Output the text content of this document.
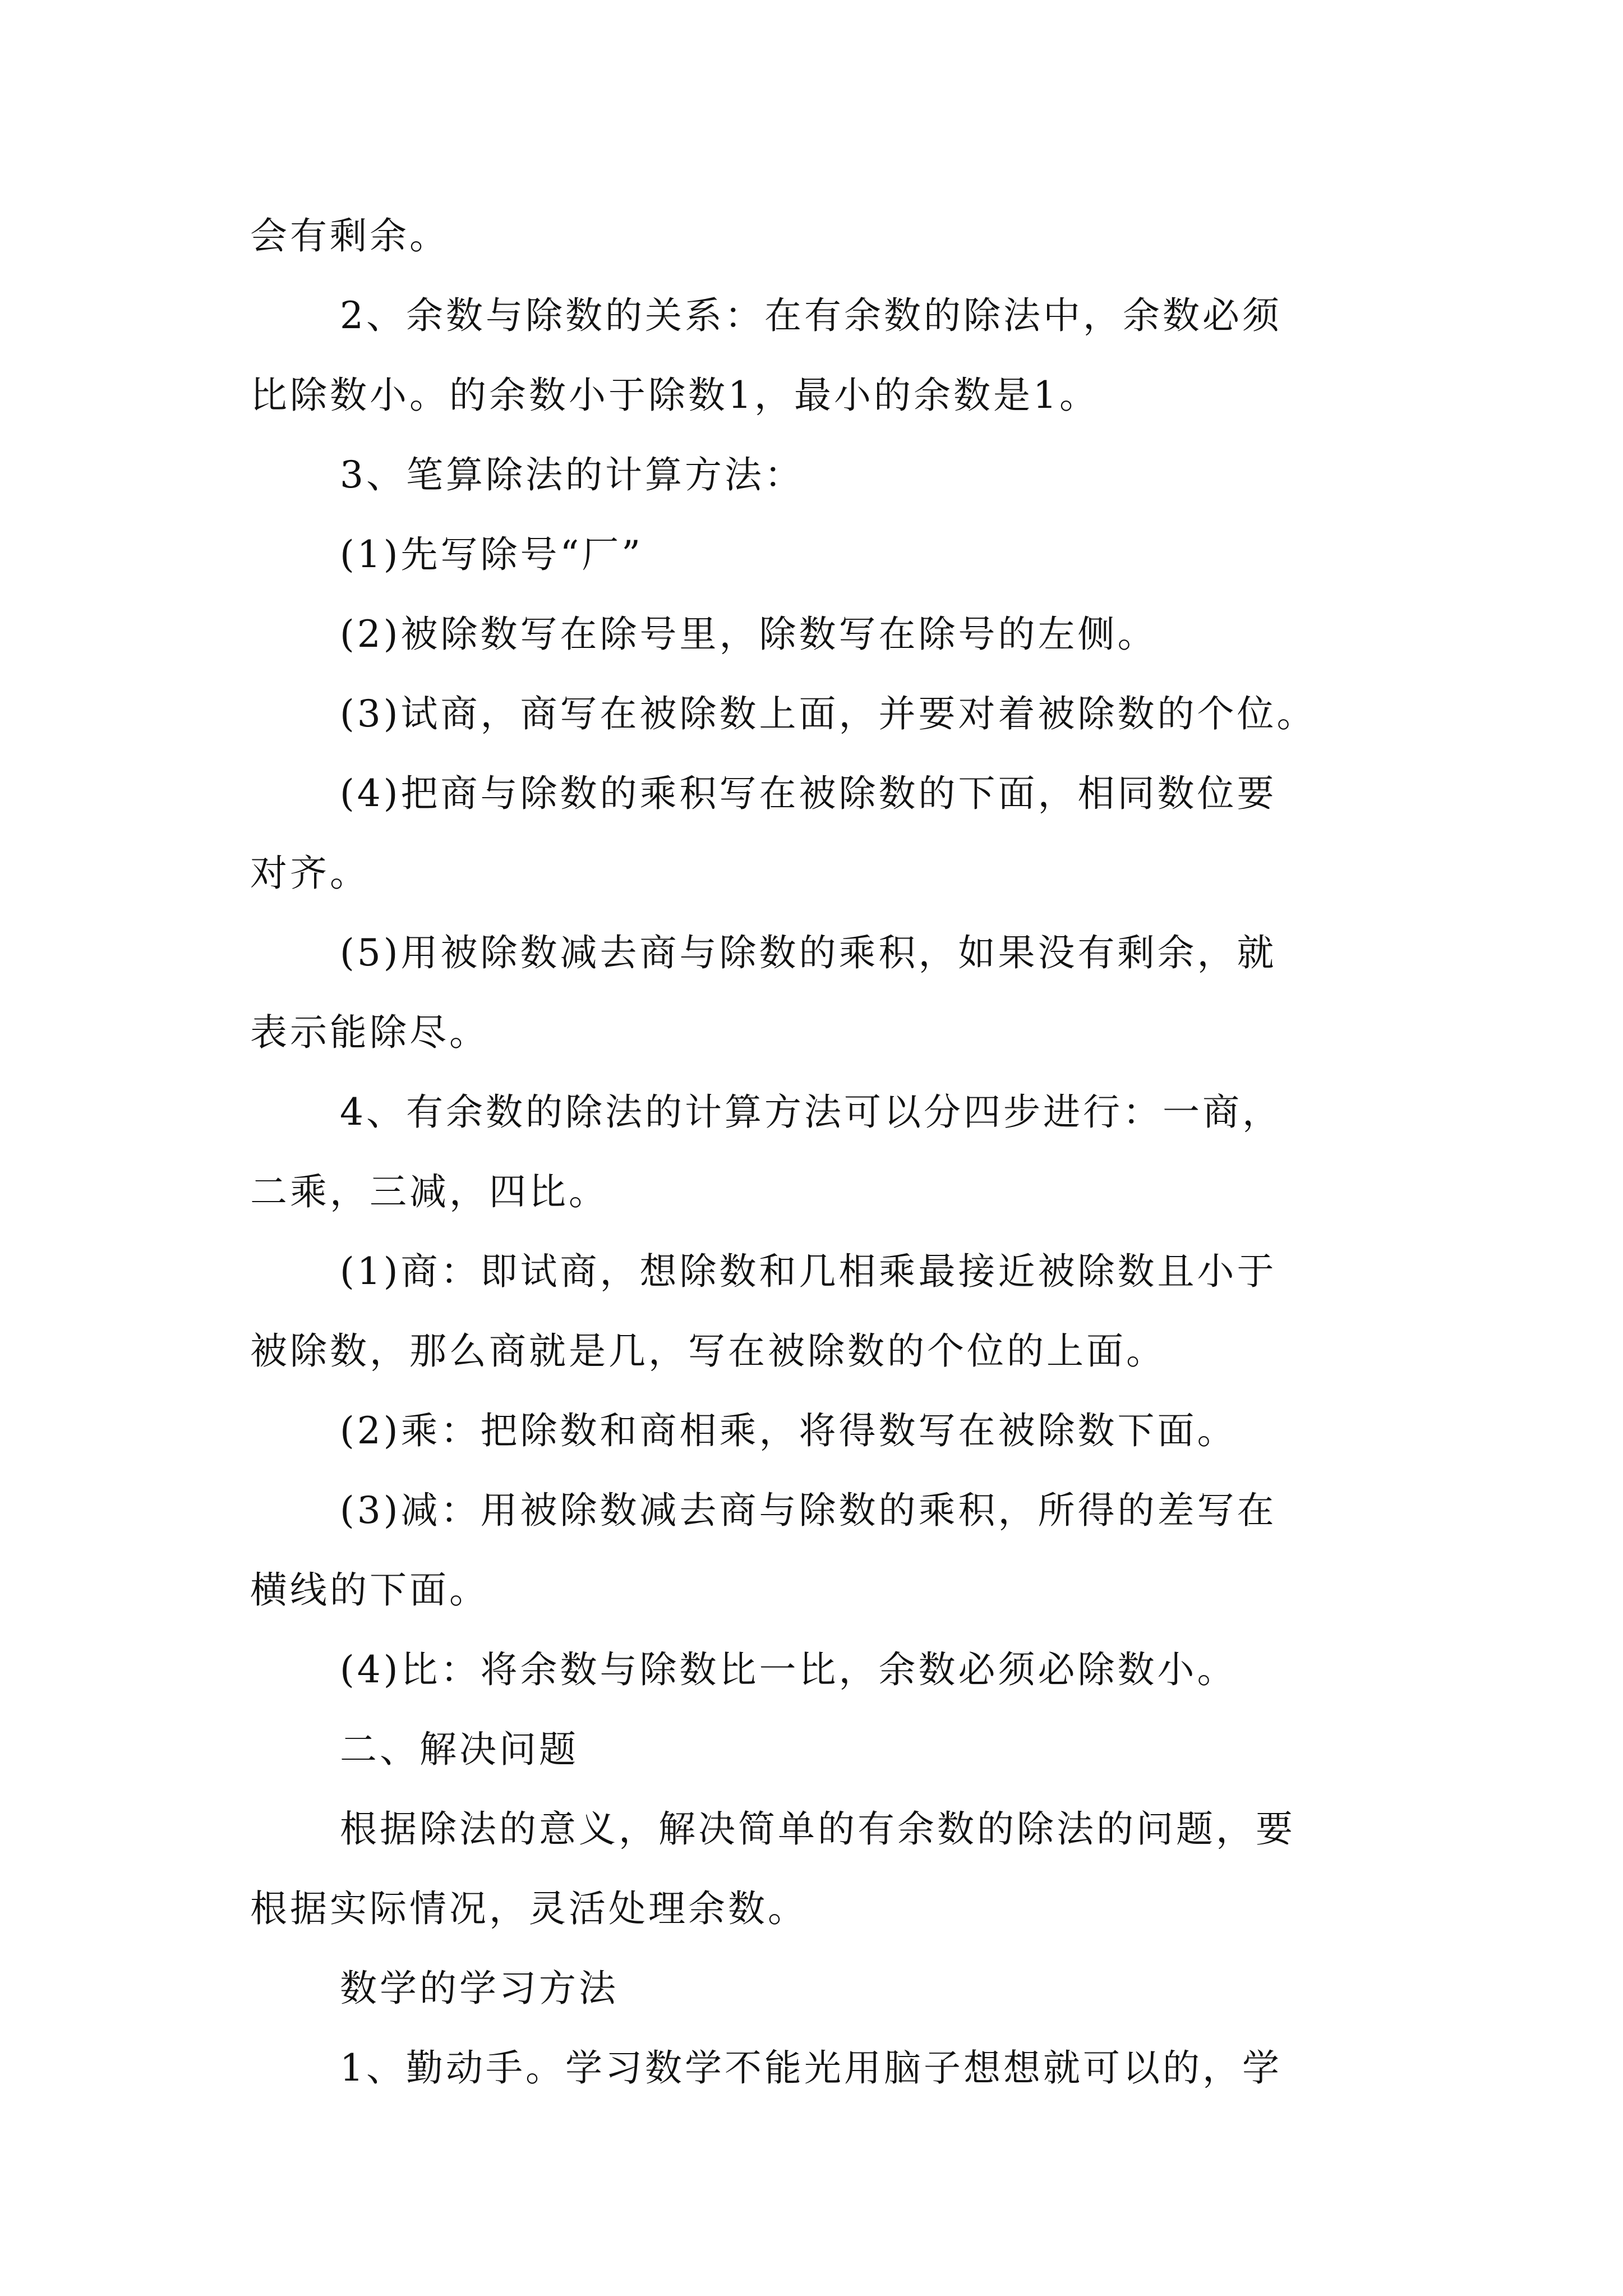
会有剩余。
2、余数与除数的关系：在有余数的除法中，余数必须
比除数小。的余数小于除数1，最小的余数是1。
3、笔算除法的计算方法：
(1)先写除号“厂”
(2)被除数写在除号里，除数写在除号的左侧。
(3)试商，商写在被除数上面，并要对着被除数的个位。
(4)把商与除数的乘积写在被除数的下面，相同数位要
对齐。
(5)用被除数减去商与除数的乘积，如果没有剩余，就
表示能除尽。
4、有余数的除法的计算方法可以分四步进行：一商，
二乘，三减，四比。
(1)商：即试商，想除数和几相乘最接近被除数且小于
被除数，那么商就是几，写在被除数的个位的上面。
(2)乘：把除数和商相乘，将得数写在被除数下面。
(3)减：用被除数减去商与除数的乘积，所得的差写在
横线的下面。
(4)比：将余数与除数比一比，余数必须必除数小。
二、解决问题
根据除法的意义，解决简单的有余数的除法的问题，要
根据实际情况，灵活处理余数。
数学的学习方法
1、勤动手。学习数学不能光用脑子想想就可以的，学
